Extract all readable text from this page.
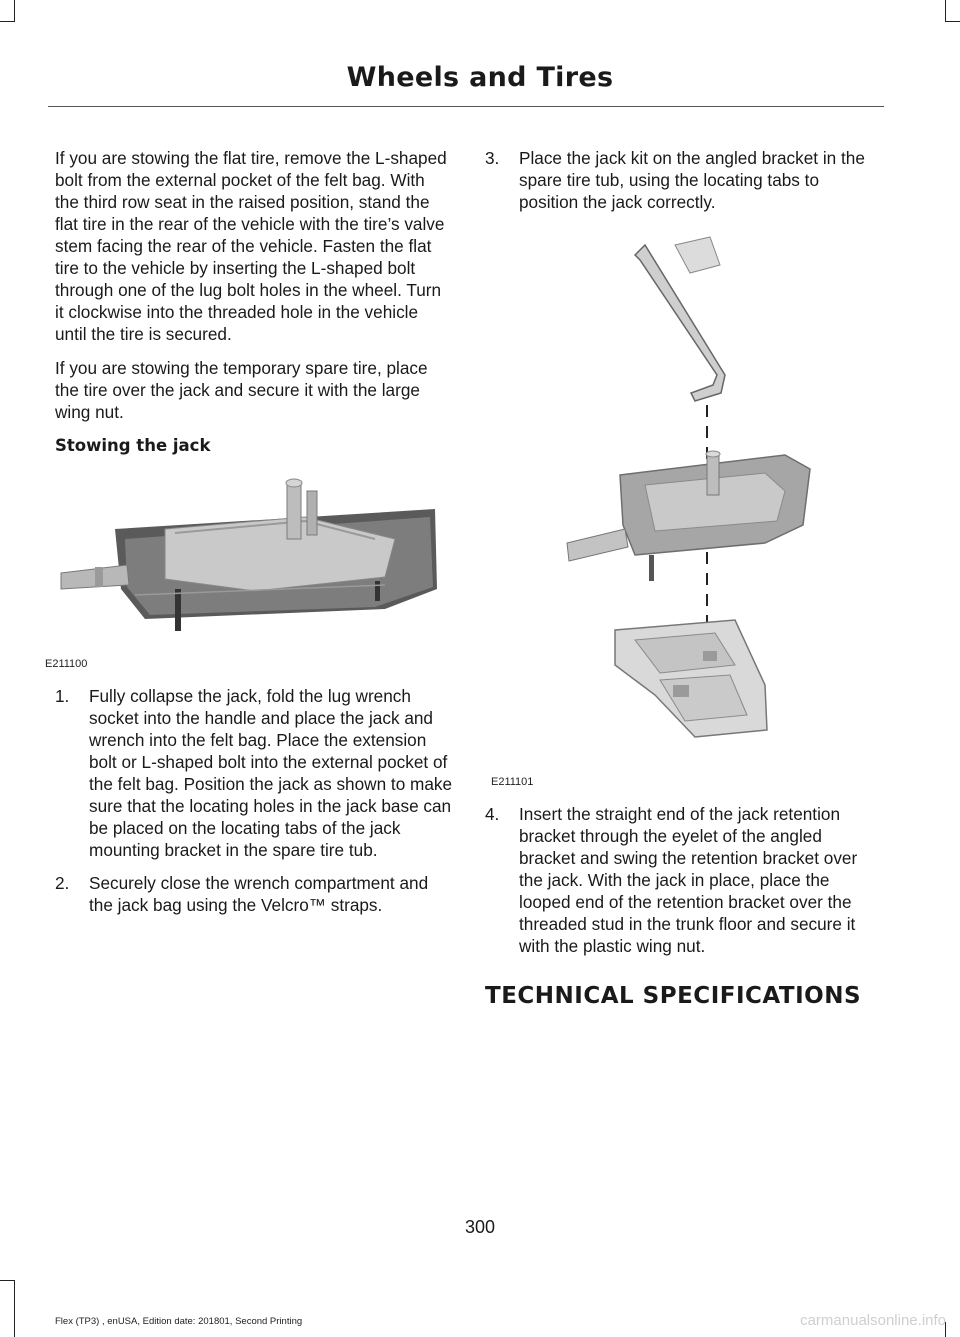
Wheels and Tires

If you are stowing the flat tire, remove the L-shaped bolt from the external pocket of the felt bag. With the third row seat in the raised position, stand the flat tire in the rear of the vehicle with the tire’s valve stem facing the rear of the vehicle. Fasten the flat tire to the vehicle by inserting the L-shaped bolt through one of the lug bolt holes in the wheel. Turn it clockwise into the threaded hole in the vehicle until the tire is secured.

If you are stowing the temporary spare tire, place the tire over the jack and secure it with the large wing nut.

Stowing the jack
E211100
1. Fully collapse the jack, fold the lug wrench socket into the handle and place the jack and wrench into the felt bag. Place the extension bolt or L-shaped bolt into the external pocket of the felt bag. Position the jack as shown to make sure that the locating holes in the jack base can be placed on the locating tabs of the jack mounting bracket in the spare tire tub.
2. Securely close the wrench compartment and the jack bag using the Velcro™ straps.
3. Place the jack kit on the angled bracket in the spare tire tub, using the locating tabs to position the jack correctly.
E211101
4. Insert the straight end of the jack retention bracket through the eyelet of the angled bracket and swing the retention bracket over the jack. With the jack in place, place the looped end of the retention bracket over the threaded stud in the trunk floor and secure it with the plastic wing nut.
TECHNICAL SPECIFICATIONS
300
Flex (TP3) , enUSA, Edition date: 201801, Second Printing	carmanualsonline.info
